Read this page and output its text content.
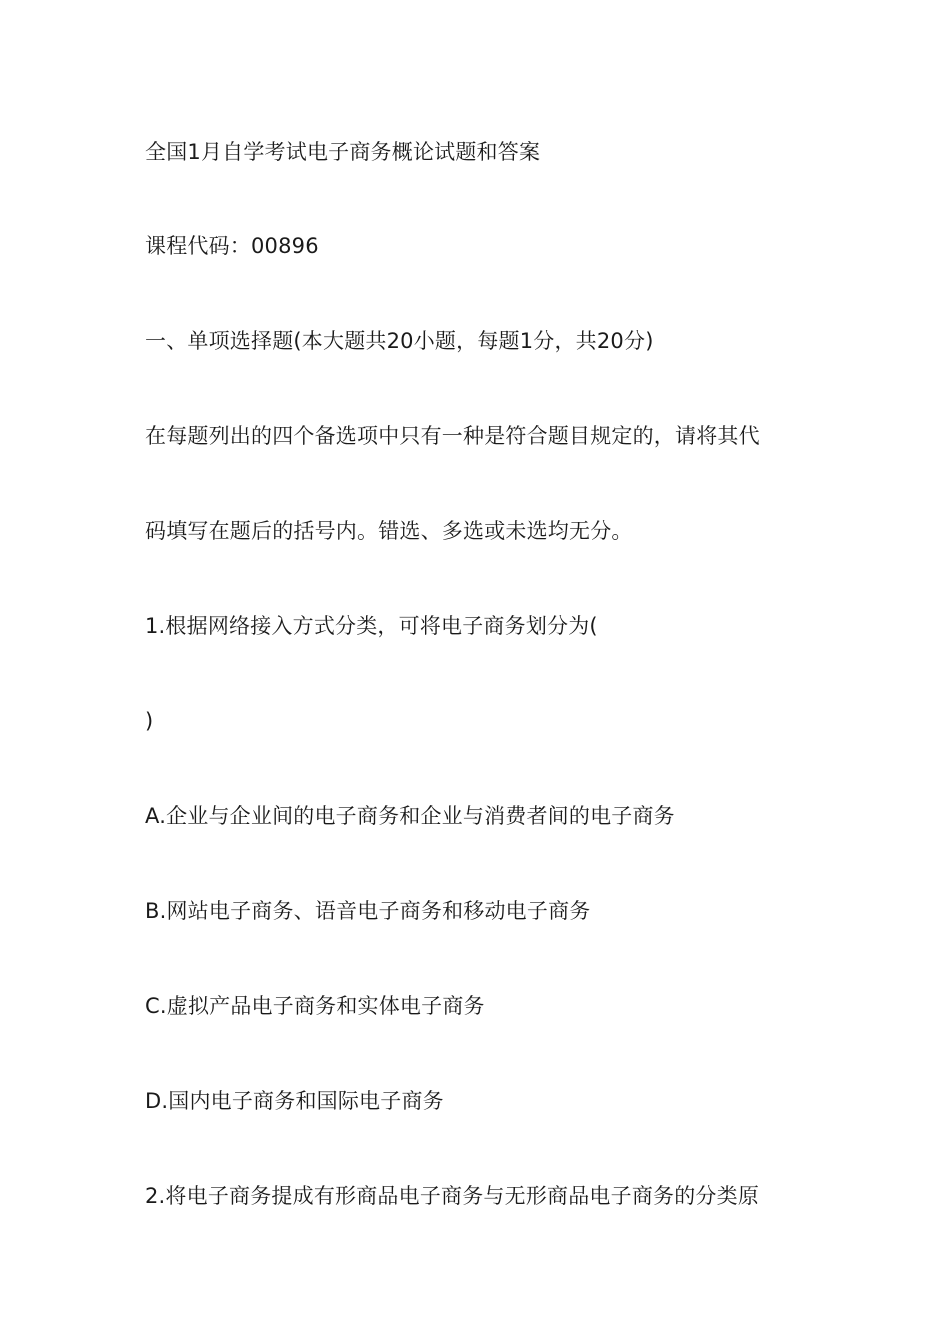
全国1月自学考试电子商务概论试题和答案

课程代码：00896

一、单项选择题(本大题共20小题，每题1分，共20分)

在每题列出的四个备选项中只有一种是符合题目规定的，请将其代

码填写在题后的括号内。错选、多选或未选均无分。

1.根据网络接入方式分类，可将电子商务划分为(

)

A.企业与企业间的电子商务和企业与消费者间的电子商务

B.网站电子商务、语音电子商务和移动电子商务

C.虚拟产品电子商务和实体电子商务

D.国内电子商务和国际电子商务

2.将电子商务提成有形商品电子商务与无形商品电子商务的分类原
